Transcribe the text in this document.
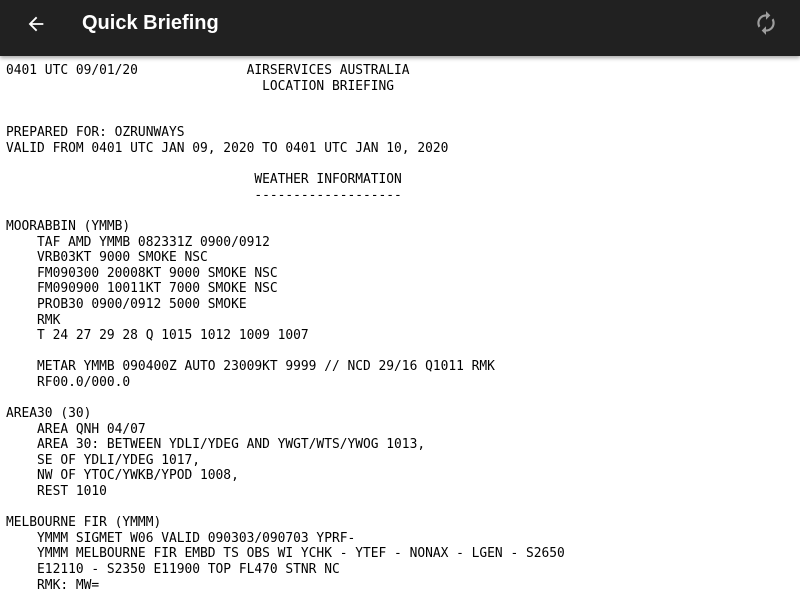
Quick Briefing
0401 UTC 09/01/20              AIRSERVICES AUSTRALIA
LOCATION BRIEFING
PREPARED FOR: OZRUNWAYS
VALID FROM 0401 UTC JAN 09, 2020 TO 0401 UTC JAN 10, 2020
WEATHER INFORMATION
-------------------
MOORABBIN (YMMB)
TAF AMD YMMB 082331Z 0900/0912
VRB03KT 9000 SMOKE NSC
FM090300 20008KT 9000 SMOKE NSC
FM090900 10011KT 7000 SMOKE NSC
PROB30 0900/0912 5000 SMOKE
RMK
T 24 27 29 28 Q 1015 1012 1009 1007
METAR YMMB 090400Z AUTO 23009KT 9999 // NCD 29/16 Q1011 RMK
RF00.0/000.0
AREA30 (30)
AREA QNH 04/07
AREA 30: BETWEEN YDLI/YDEG AND YWGT/WTS/YWOG 1013,
SE OF YDLI/YDEG 1017,
NW OF YTOC/YWKB/YPOD 1008,
REST 1010
MELBOURNE FIR (YMMM)
YMMM SIGMET W06 VALID 090303/090703 YPRF-
YMMM MELBOURNE FIR EMBD TS OBS WI YCHK - YTEF - NONAX - LGEN - S2650
E12110 - S2350 E11900 TOP FL470 STNR NC
RMK: MW=
